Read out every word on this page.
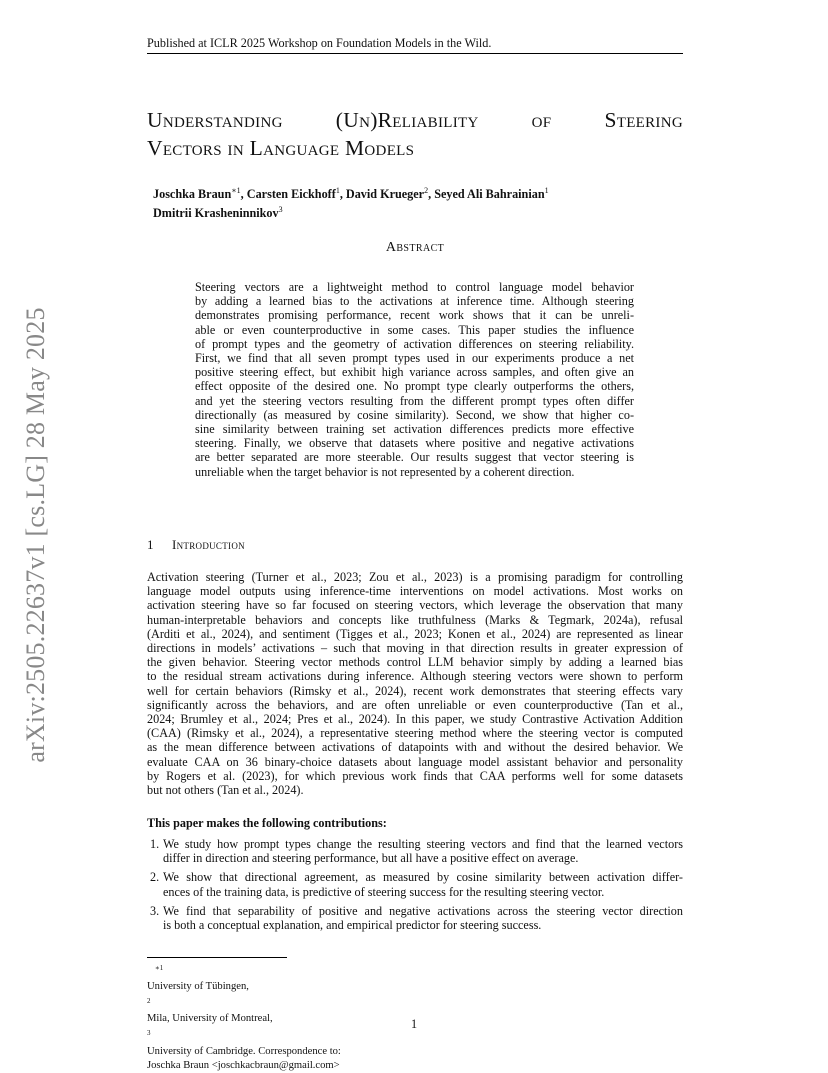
Published at ICLR 2025 Workshop on Foundation Models in the Wild.
arXiv:2505.22637v1 [cs.LG] 28 May 2025
Understanding (Un)Reliability of Steering
Vectors in Language Models
Joschka Braun$^{∗1}$, Carsten Eickhoff$^1$, David Krueger$^2$, Seyed Ali Bahrainian$^1$
Dmitrii Krasheninnikov$^3$
Abstract
Steering vectors are a lightweight method to control language model behavior
by adding a learned bias to the activations at inference time. Although steering
demonstrates promising performance, recent work shows that it can be unreli-
able or even counterproductive in some cases. This paper studies the influence
of prompt types and the geometry of activation differences on steering reliability.
First, we find that all seven prompt types used in our experiments produce a net
positive steering effect, but exhibit high variance across samples, and often give an
effect opposite of the desired one. No prompt type clearly outperforms the others,
and yet the steering vectors resulting from the different prompt types often differ
directionally (as measured by cosine similarity). Second, we show that higher co-
sine similarity between training set activation differences predicts more effective
steering. Finally, we observe that datasets where positive and negative activations
are better separated are more steerable. Our results suggest that vector steering is
unreliable when the target behavior is not represented by a coherent direction.
1 Introduction
Activation steering (Turner et al., 2023; Zou et al., 2023) is a promising paradigm for controlling
language model outputs using inference-time interventions on model activations. Most works on
activation steering have so far focused on steering vectors, which leverage the observation that many
human-interpretable behaviors and concepts like truthfulness (Marks & Tegmark, 2024a), refusal
(Arditi et al., 2024), and sentiment (Tigges et al., 2023; Konen et al., 2024) are represented as linear
directions in models’ activations – such that moving in that direction results in greater expression of
the given behavior. Steering vector methods control LLM behavior simply by adding a learned bias
to the residual stream activations during inference. Although steering vectors were shown to perform
well for certain behaviors (Rimsky et al., 2024), recent work demonstrates that steering effects vary
significantly across the behaviors, and are often unreliable or even counterproductive (Tan et al.,
2024; Brumley et al., 2024; Pres et al., 2024). In this paper, we study Contrastive Activation Addition
(CAA) (Rimsky et al., 2024), a representative steering method where the steering vector is computed
as the mean difference between activations of datapoints with and without the desired behavior. We
evaluate CAA on 36 binary-choice datasets about language model assistant behavior and personality
by Rogers et al. (2023), for which previous work finds that CAA performs well for some datasets
but not others (Tan et al., 2024).
This paper makes the following contributions:
1. We study how prompt types change the resulting steering vectors and find that the learned vectors
differ in direction and steering performance, but all have a positive effect on average.
2. We show that directional agreement, as measured by cosine similarity between activation differ-
ences of the training data, is predictive of steering success for the resulting steering vector.
3. We find that separability of positive and negative activations across the steering vector direction
is both a conceptual explanation, and empirical predictor for steering success.
$^{∗1}$
University of Tübingen,
$^2$
Mila, University of Montreal,
$^3$
University of Cambridge. Correspondence to:
Joschka Braun <joschkacbraun@gmail.com>
1
